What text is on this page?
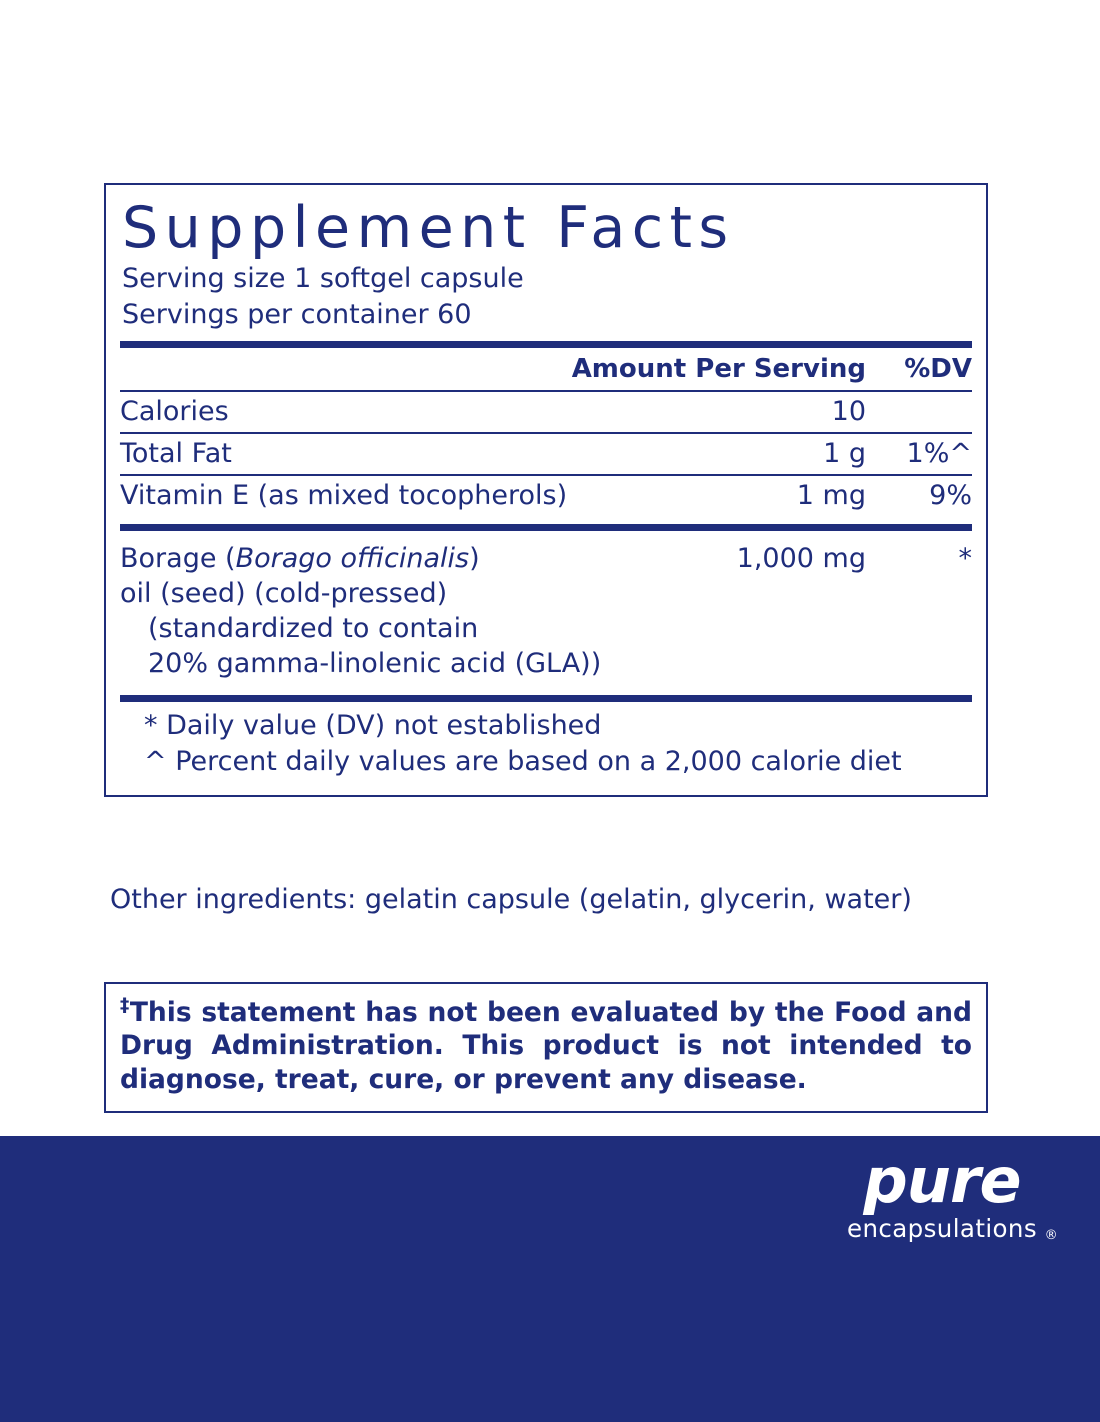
Supplement Facts
Serving size 1 softgel capsule
Servings per container 60
	Amount Per Serving	%DV
Calories	10	
Total Fat	1 g	1%^
Vitamin E (as mixed tocopherols)	1 mg	9%
Borage (Borago officinalis)
oil (seed) (cold-pressed)
(standardized to contain
20% gamma-linolenic acid (GLA))
	1,000 mg	*
* Daily value (DV) not established
^ Percent daily values are based on a 2,000 calorie diet
Other ingredients: gelatin capsule (gelatin, glycerin, water)

‡This statement has not been evaluated by the Food and Drug Administration. This product is not intended to diagnose, treat, cure, or prevent any disease.

pure
encapsulations ®
